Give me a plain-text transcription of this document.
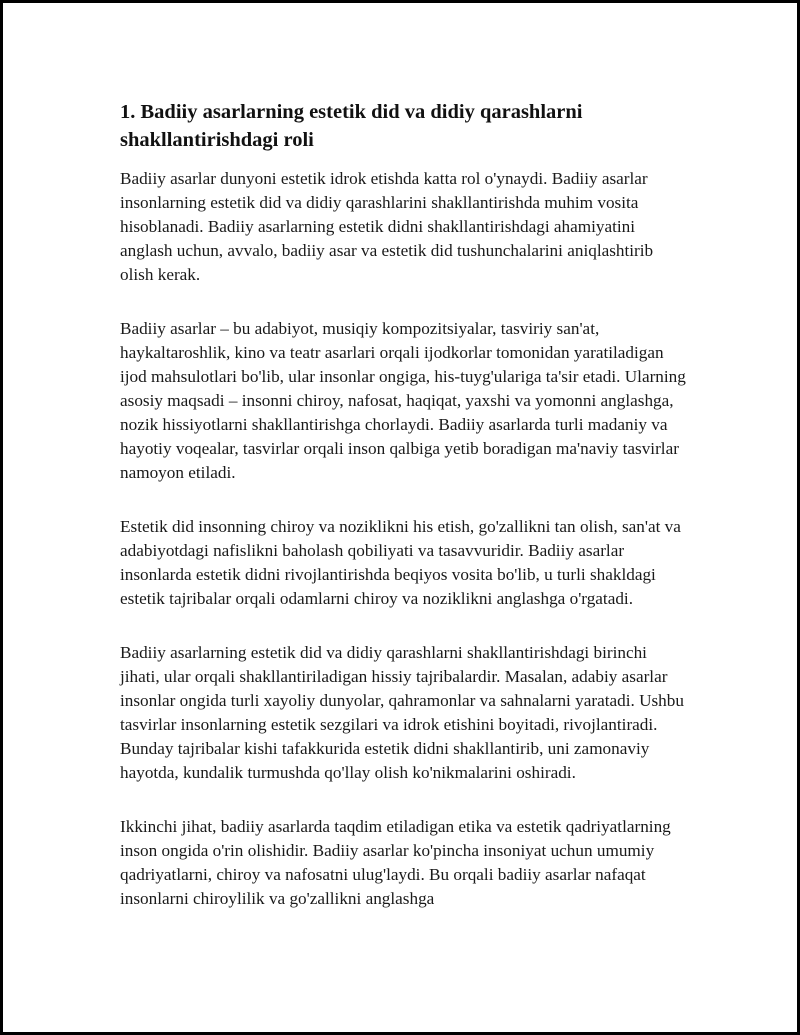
1. Badiiy asarlarning estetik did va didiy qarashlarni shakllantirishdagi roli

Badiiy asarlar dunyoni estetik idrok etishda katta rol o'ynaydi. Badiiy asarlar insonlarning estetik did va didiy qarashlarini shakllantirishda muhim vosita hisoblanadi. Badiiy asarlarning estetik didni shakllantirishdagi ahamiyatini anglash uchun, avvalo, badiiy asar va estetik did tushunchalarini aniqlashtirib olish kerak.

Badiiy asarlar – bu adabiyot, musiqiy kompozitsiyalar, tasviriy san'at, haykaltaroshlik, kino va teatr asarlari orqali ijodkorlar tomonidan yaratiladigan ijod mahsulotlari bo'lib, ular insonlar ongiga, his-tuyg'ulariga ta'sir etadi. Ularning asosiy maqsadi – insonni chiroy, nafosat, haqiqat, yaxshi va yomonni anglashga, nozik hissiyotlarni shakllantirishga chorlaydi. Badiiy asarlarda turli madaniy va hayotiy voqealar, tasvirlar orqali inson qalbiga yetib boradigan ma'naviy tasvirlar namoyon etiladi.

Estetik did insonning chiroy va noziklikni his etish, go'zallikni tan olish, san'at va adabiyotdagi nafislikni baholash qobiliyati va tasavvuridir. Badiiy asarlar insonlarda estetik didni rivojlantirishda beqiyos vosita bo'lib, u turli shakldagi estetik tajribalar orqali odamlarni chiroy va noziklikni anglashga o'rgatadi.

Badiiy asarlarning estetik did va didiy qarashlarni shakllantirishdagi birinchi jihati, ular orqali shakllantiriladigan hissiy tajribalardir. Masalan, adabiy asarlar insonlar ongida turli xayoliy dunyolar, qahramonlar va sahnalarni yaratadi. Ushbu tasvirlar insonlarning estetik sezgilari va idrok etishini boyitadi, rivojlantiradi. Bunday tajribalar kishi tafakkurida estetik didni shakllantirib, uni zamonaviy hayotda, kundalik turmushda qo'llay olish ko'nikmalarini oshiradi.

Ikkinchi jihat, badiiy asarlarda taqdim etiladigan etika va estetik qadriyatlarning inson ongida o'rin olishidir. Badiiy asarlar ko'pincha insoniyat uchun umumiy qadriyatlarni, chiroy va nafosatni ulug'laydi. Bu orqali badiiy asarlar nafaqat insonlarni chiroylilik va go'zallikni anglashga
